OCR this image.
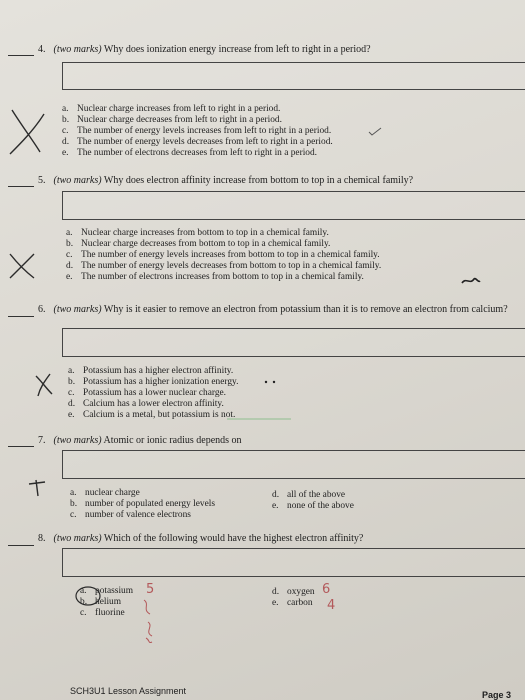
4. (two marks) Why does ionization energy increase from left to right in a period?
a. Nuclear charge increases from left to right in a period.
b. Nuclear charge decreases from left to right in a period.
c. The number of energy levels increases from left to right in a period.
d. The number of energy levels decreases from left to right in a period.
e. The number of electrons decreases from left to right in a period.
5. (two marks) Why does electron affinity increase from bottom to top in a chemical family?
a. Nuclear charge increases from bottom to top in a chemical family.
b. Nuclear charge decreases from bottom to top in a chemical family.
c. The number of energy levels increases from bottom to top in a chemical family.
d. The number of energy levels decreases from bottom to top in a chemical family.
e. The number of electrons increases from bottom to top in a chemical family.
6. (two marks) Why is it easier to remove an electron from potassium than it is to remove an electron from calcium?
a. Potassium has a higher electron affinity.
b. Potassium has a higher ionization energy.
c. Potassium has a lower nuclear charge.
d. Calcium has a lower electron affinity.
e. Calcium is a metal, but potassium is not.
7. (two marks) Atomic or ionic radius depends on
a. nuclear charge
b. number of populated energy levels
c. number of valence electrons
d. all of the above
e. none of the above
8. (two marks) Which of the following would have the highest electron affinity?
a. potassium
b. helium
c. fluorine
d. oxygen
e. carbon
5	6
4
SCH3U1 Lesson Assignment	Page 3
